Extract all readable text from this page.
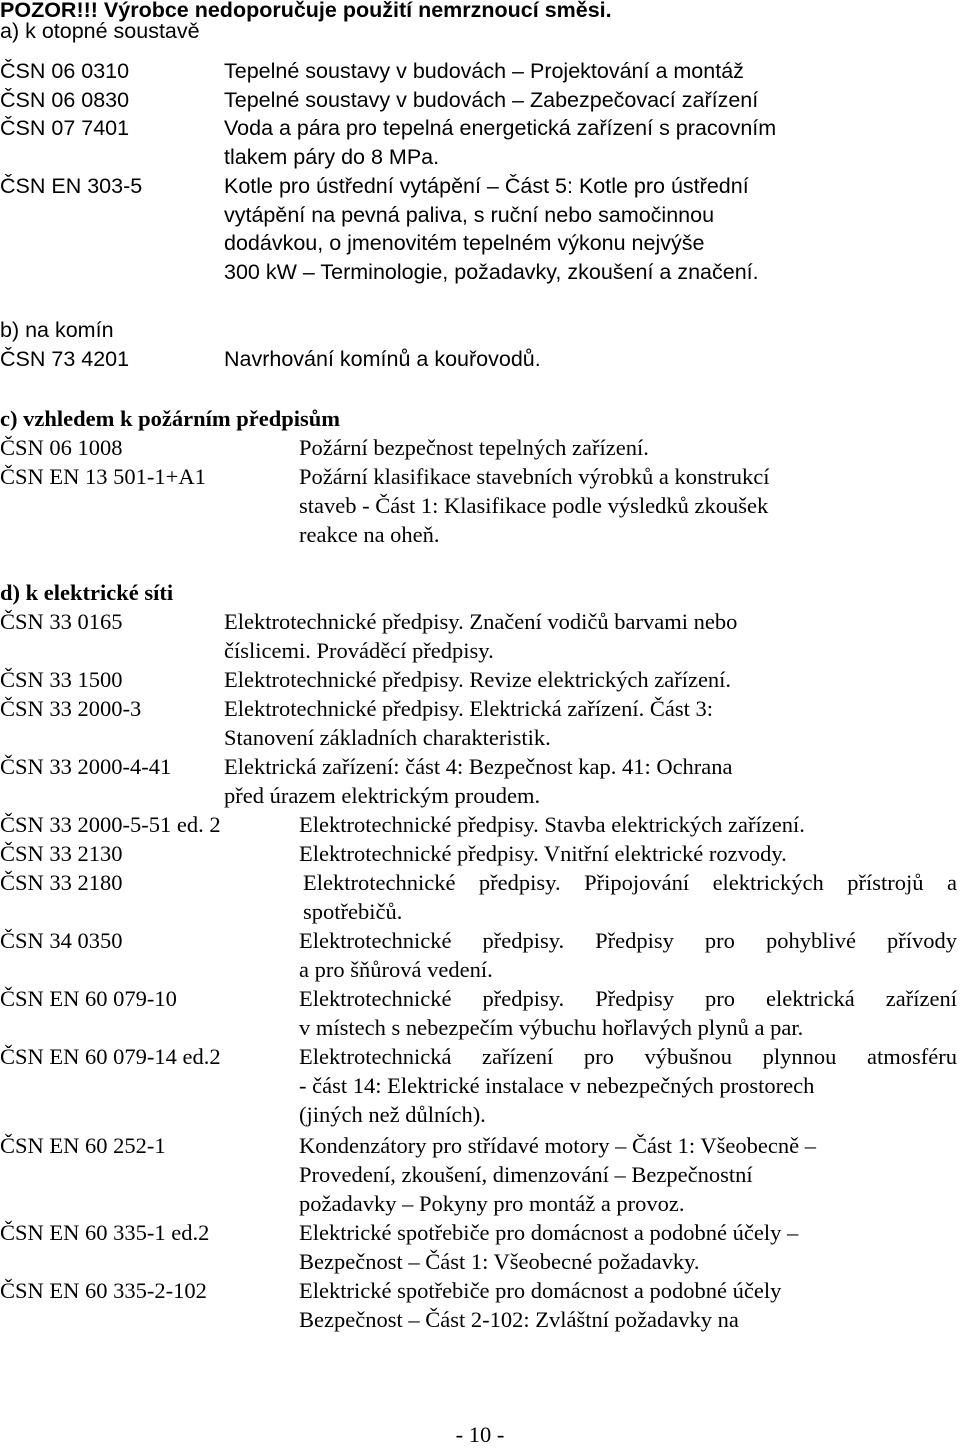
POZOR!!! Výrobce nedoporučuje použití nemrznoucí směsi.
a) k otopné soustavě
ČSN 06 0310	Tepelné soustavy v budovách – Projektování a montáž
ČSN 06 0830	Tepelné soustavy v budovách – Zabezpečovací zařízení
ČSN 07 7401	Voda a pára pro tepelná energetická zařízení s pracovním
tlakem páry do 8 MPa.
ČSN EN 303-5	Kotle pro ústřední vytápění – Část 5: Kotle pro ústřední
vytápění na pevná paliva, s ruční nebo samočinnou
dodávkou, o jmenovitém tepelném výkonu nejvýše
300 kW – Terminologie, požadavky, zkoušení a značení.
b) na komín
ČSN 73 4201	Navrhování komínů a kouřovodů.
c) vzhledem k požárním předpisům
ČSN 06 1008	Požární bezpečnost tepelných zařízení.
ČSN EN 13 501-1+A1	Požární klasifikace stavebních výrobků a konstrukcí
staveb - Část 1: Klasifikace podle výsledků zkoušek
reakce na oheň.
d) k elektrické síti
ČSN 33 0165	Elektrotechnické předpisy. Značení vodičů barvami nebo
číslicemi. Prováděcí předpisy.
ČSN 33 1500	Elektrotechnické předpisy. Revize elektrických zařízení.
ČSN 33 2000-3	Elektrotechnické předpisy. Elektrická zařízení. Část 3:
Stanovení základních charakteristik.
ČSN 33 2000-4-41 Elektrická zařízení: část 4: Bezpečnost kap. 41: Ochrana
před úrazem elektrickým proudem.
ČSN 33 2000-5-51 ed. 2	Elektrotechnické předpisy. Stavba elektrických zařízení.
ČSN 33 2130	Elektrotechnické předpisy. Vnitřní elektrické rozvody.
ČSN 33 2180	Elektrotechnické předpisy. Připojování elektrických přístrojů a
spotřebičů.
ČSN 34 0350	Elektrotechnické předpisy. Předpisy pro pohyblivé přívody
a pro šňůrová vedení.
ČSN EN 60 079-10	Elektrotechnické předpisy. Předpisy pro elektrická zařízení
v místech s nebezpečím výbuchu hořlavých plynů a par.
ČSN EN 60 079-14 ed.2	Elektrotechnická zařízení pro výbušnou plynnou atmosféru
- část 14: Elektrické instalace v nebezpečných prostorech
(jiných než důlních).
ČSN EN 60 252-1	Kondenzátory pro střídavé motory – Část 1: Všeobecně –
Provedení, zkoušení, dimenzování – Bezpečnostní
požadavky – Pokyny pro montáž a provoz.
ČSN EN 60 335-1 ed.2	Elektrické spotřebiče pro domácnost a podobné účely –
Bezpečnost – Část 1: Všeobecné požadavky.
ČSN EN 60 335-2-102	Elektrické spotřebiče pro domácnost a podobné účely
Bezpečnost – Část 2-102: Zvláštní požadavky na
- 10 -
